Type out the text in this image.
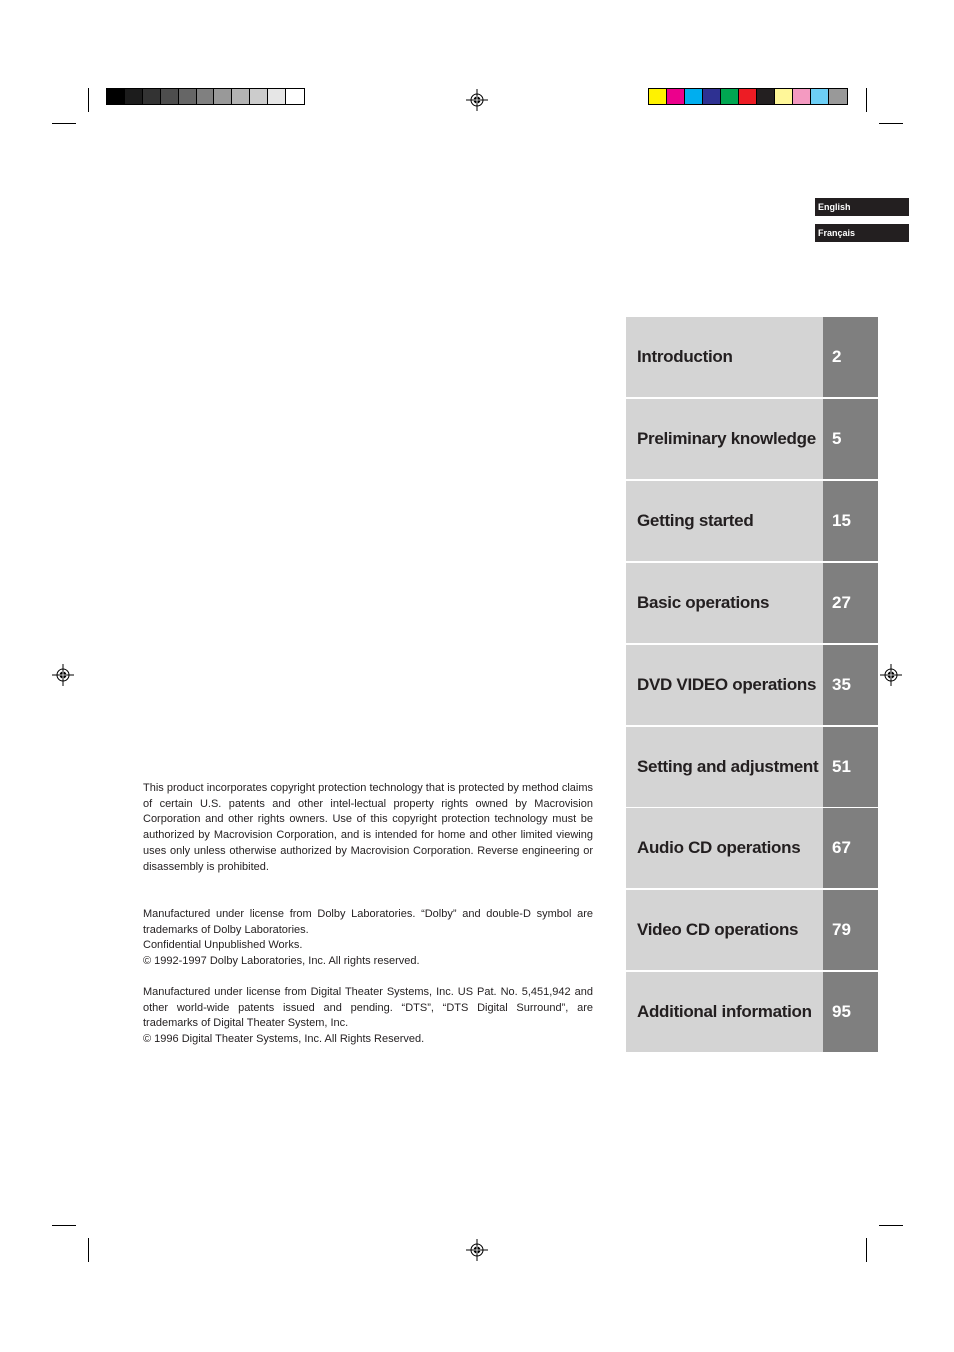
English
Français
Introduction	2
Preliminary knowledge 5
Getting started	15
Basic operations	27
DVD VIDEO operations 35
Setting and adjustment 51
Audio CD operations	67
Video CD operations	79
Additional information	95

This product incorporates copyright protection technology that is protected by method claims of certain U.S. patents and other intel-lectual property rights owned by Macrovision Corporation and other rights owners. Use of this copyright protection technology must be authorized by Macrovision Corporation, and is intended for home and other limited viewing uses only unless otherwise authorized by Macrovision Corporation. Reverse engineering or disassembly is prohibited.

Manufactured under license from Dolby Laboratories. “Dolby” and double-D symbol are trademarks of Dolby Laboratories.

Confidential Unpublished Works.

© 1992-1997 Dolby Laboratories, Inc. All rights reserved.

Manufactured under license from Digital Theater Systems, Inc. US Pat. No. 5,451,942 and other world-wide patents issued and pending. “DTS”, “DTS Digital Surround”, are trademarks of Digital Theater System, Inc.

© 1996 Digital Theater Systems, Inc. All Rights Reserved.
